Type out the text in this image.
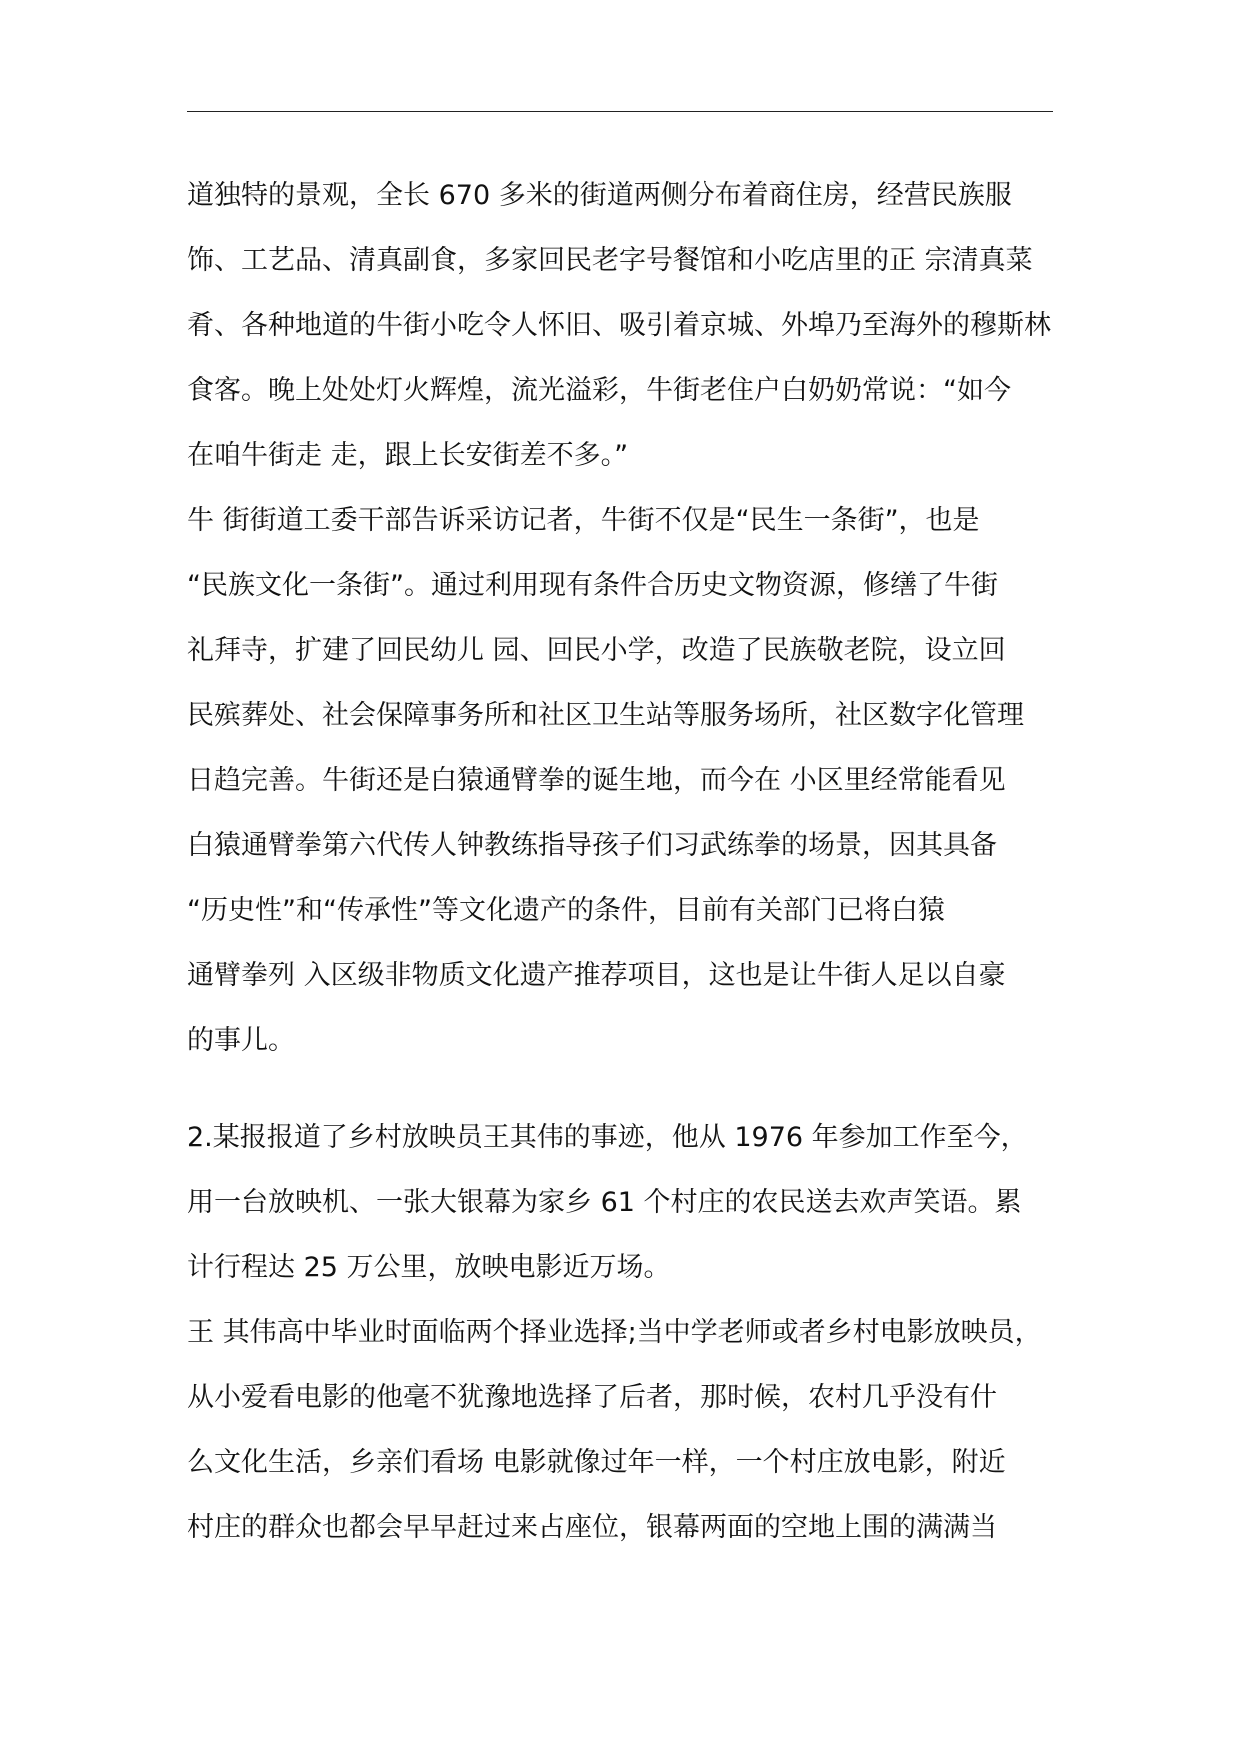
道独特的景观，全长 670 多米的街道两侧分布着商住房，经营民族服
饰、工艺品、清真副食，多家回民老字号餐馆和小吃店里的正 宗清真菜
肴、各种地道的牛街小吃令人怀旧、吸引着京城、外埠乃至海外的穆斯林
食客。晚上处处灯火辉煌，流光溢彩，牛街老住户白奶奶常说：“如今
在咱牛街走 走，跟上长安街差不多。”
牛 街街道工委干部告诉采访记者，牛街不仅是“民生一条街”，也是
“民族文化一条街”。通过利用现有条件合历史文物资源，修缮了牛街
礼拜寺，扩建了回民幼儿 园、回民小学，改造了民族敬老院，设立回
民殡葬处、社会保障事务所和社区卫生站等服务场所，社区数字化管理
日趋完善。牛街还是白猿通臂拳的诞生地，而今在 小区里经常能看见
白猿通臂拳第六代传人钟教练指导孩子们习武练拳的场景，因其具备
“历史性”和“传承性”等文化遗产的条件，目前有关部门已将白猿
通臂拳列 入区级非物质文化遗产推荐项目，这也是让牛街人足以自豪
的事儿。
2.某报报道了乡村放映员王其伟的事迹，他从 1976 年参加工作至今，
用一台放映机、一张大银幕为家乡 61 个村庄的农民送去欢声笑语。累
计行程达 25 万公里，放映电影近万场。
王 其伟高中毕业时面临两个择业选择;当中学老师或者乡村电影放映员，
从小爱看电影的他毫不犹豫地选择了后者，那时候，农村几乎没有什
么文化生活，乡亲们看场 电影就像过年一样，一个村庄放电影，附近
村庄的群众也都会早早赶过来占座位，银幕两面的空地上围的满满当
